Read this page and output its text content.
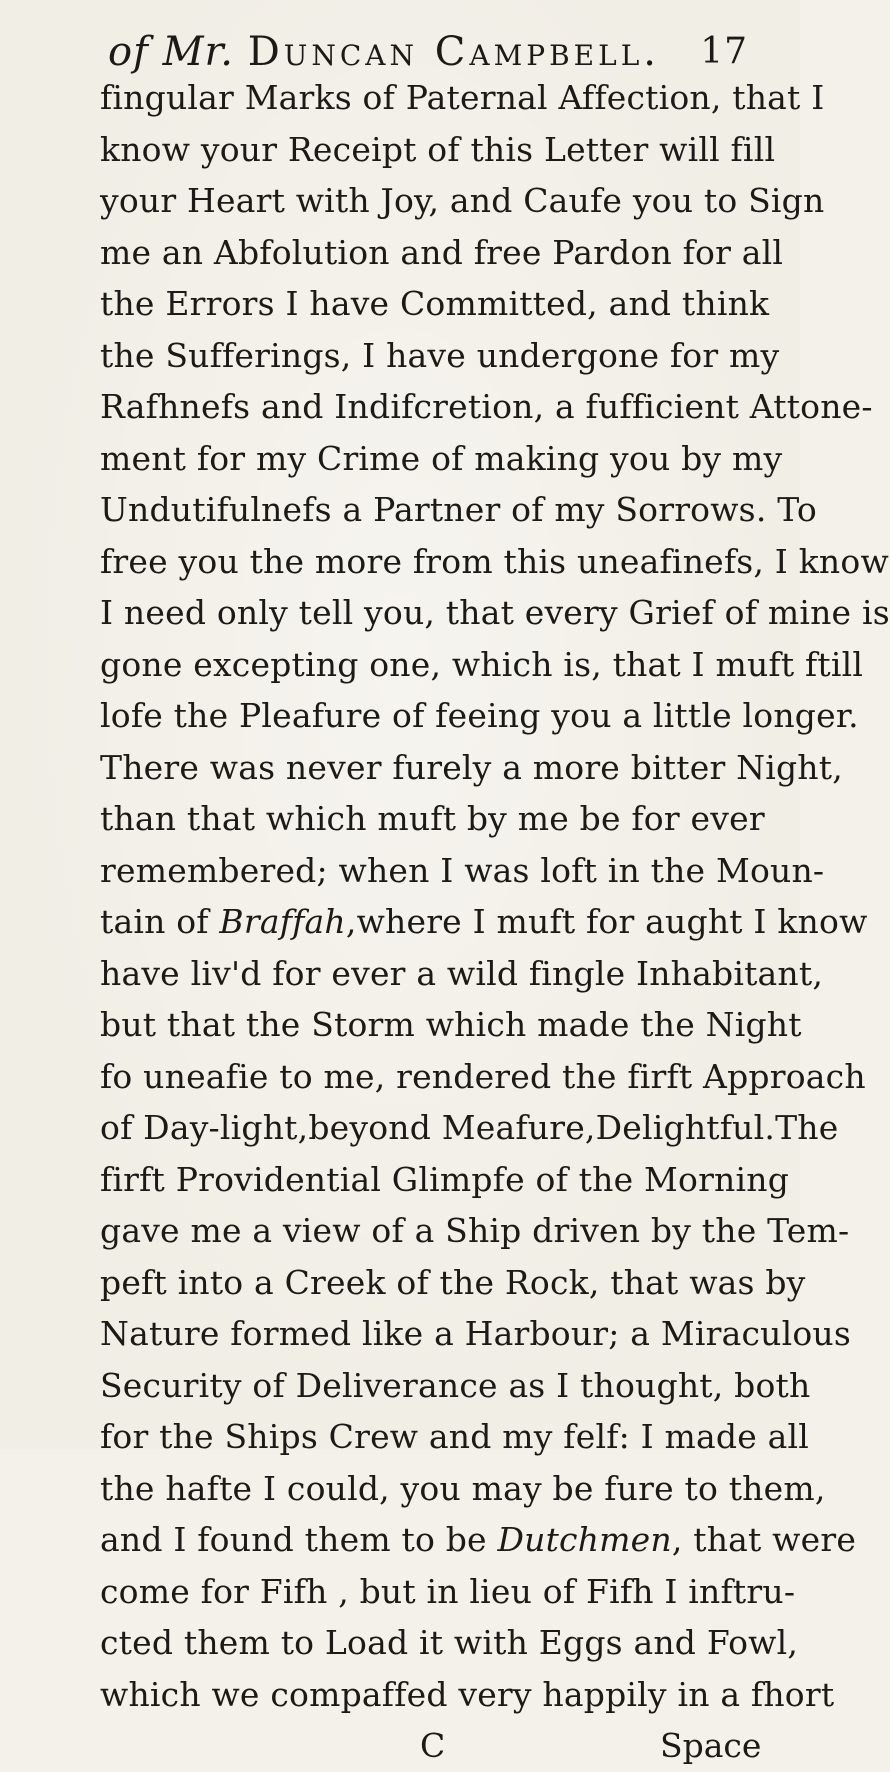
of Mr. Duncan Campbell. 17
fingular Marks of Paternal Affection, that I
know your Receipt of this Letter will fill
your Heart with Joy, and Caufe you to Sign
me an Abfolution and free Pardon for all
the Errors I have Committed, and think
the Sufferings, I have undergone for my
Rafhnefs and Indifcretion, a fufficient Attone-
ment for my Crime of making you by my
Undutifulnefs a Partner of my Sorrows. To
free you the more from this uneafinefs, I know
I need only tell you, that every Grief of mine is
gone excepting one, which is, that I muft ftill
lofe the Pleafure of feeing you a little longer.
There was never furely a more bitter Night,
than that which muft by me be for ever
remembered; when I was loft in the Moun-
tain of Braffah,where I muft for aught I know
have liv'd for ever a wild fingle Inhabitant,
but that the Storm which made the Night
fo uneafie to me, rendered the firft Approach
of Day-light,beyond Meafure,Delightful.The
firft Providential Glimpfe of the Morning
gave me a view of a Ship driven by the Tem-
peft into a Creek of the Rock, that was by
Nature formed like a Harbour; a Miraculous
Security of Deliverance as I thought, both
for the Ships Crew and my felf: I made all
the hafte I could, you may be fure to them,
and I found them to be Dutchmen, that were
come for Fifh , but in lieu of Fifh I inftru-
cted them to Load it with Eggs and Fowl,
which we compaffed very happily in a fhort
C	Space
